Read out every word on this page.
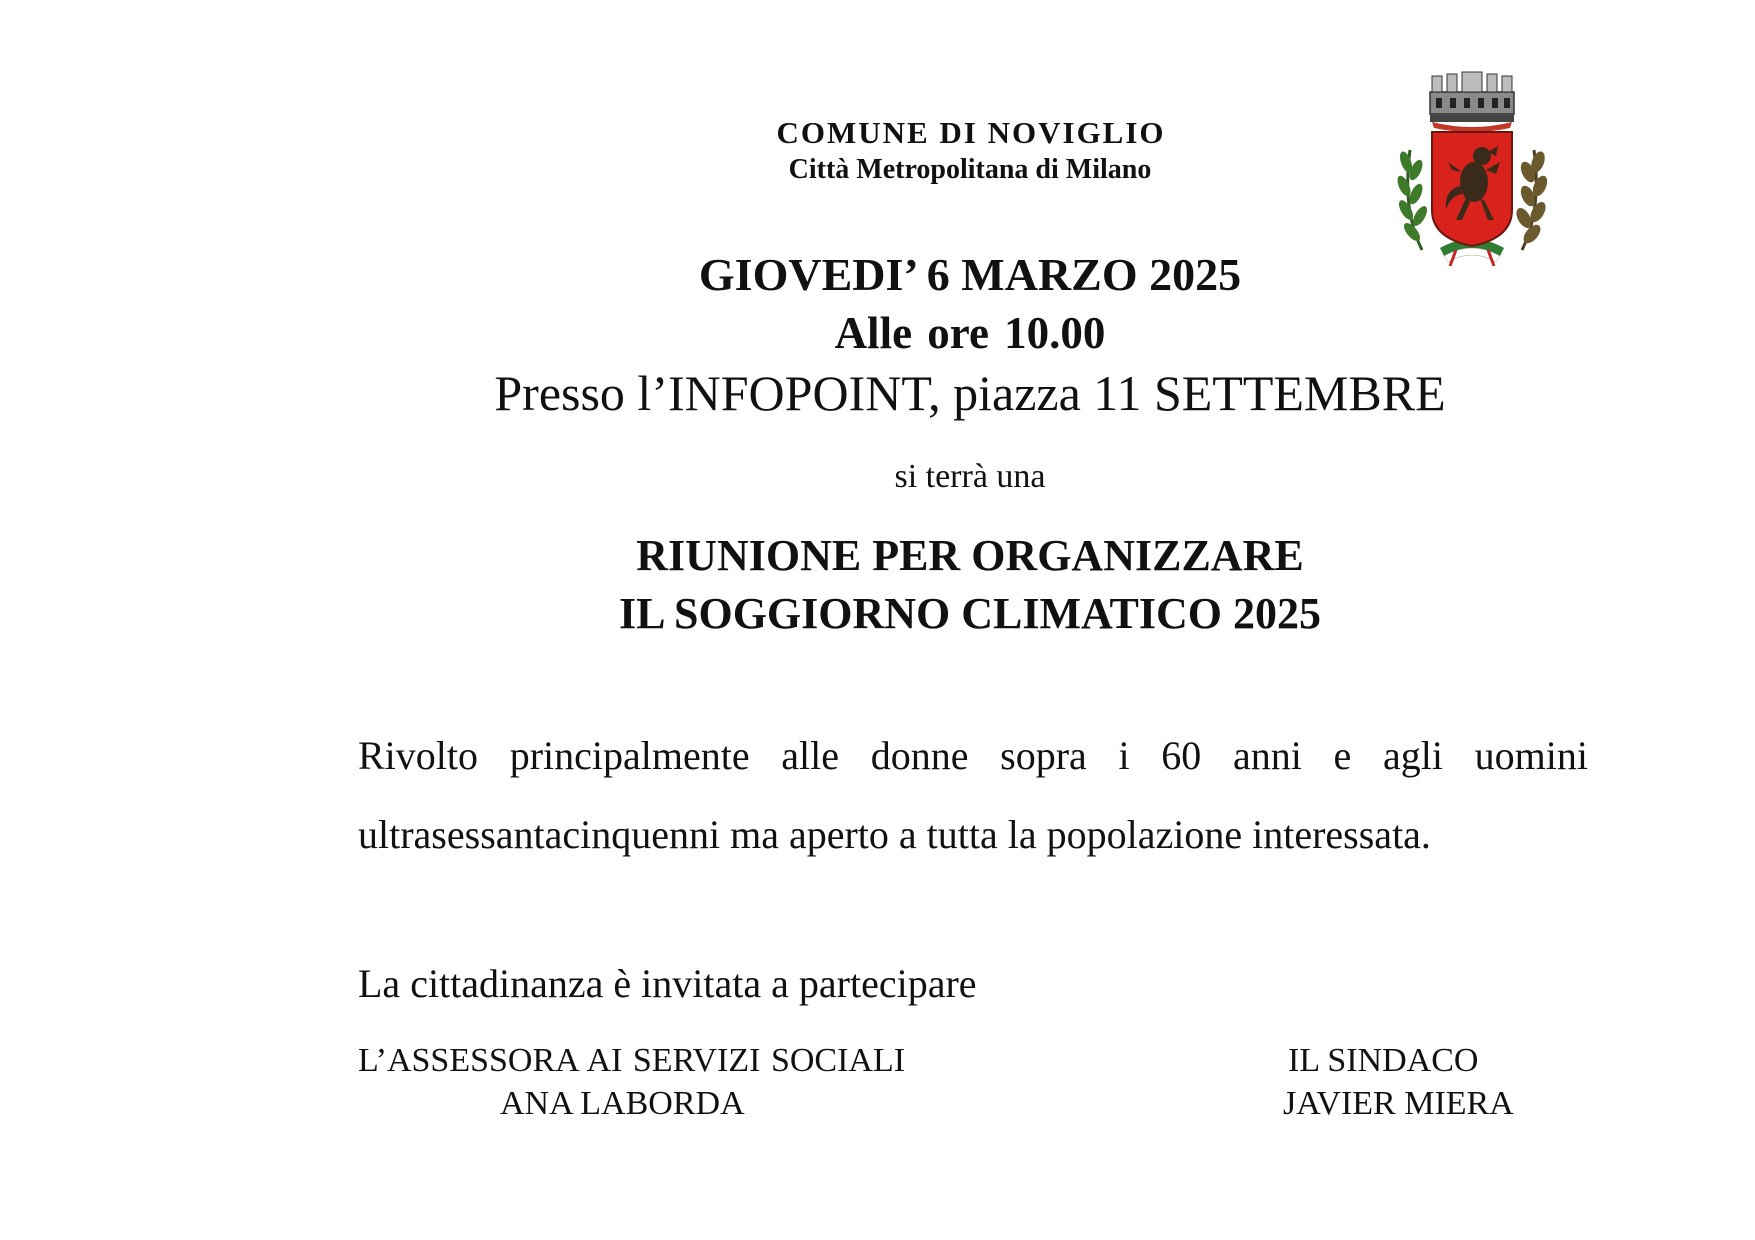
COMUNE DI NOVIGLIO
Città Metropolitana di Milano
GIOVEDI’ 6 MARZO 2025
Alle ore 10.00
Presso l’INFOPOINT, piazza 11 SETTEMBRE
si terrà una
RIUNIONE PER ORGANIZZARE
IL SOGGIORNO CLIMATICO 2025
Rivolto principalmente alle donne sopra i 60 anni e agli uomini ultrasessantacinquenni ma aperto a tutta la popolazione interessata.
La cittadinanza è invitata a partecipare
L’ASSESSORA AI SERVIZI SOCIALI
ANA LABORDA
IL SINDACO
JAVIER MIERA
